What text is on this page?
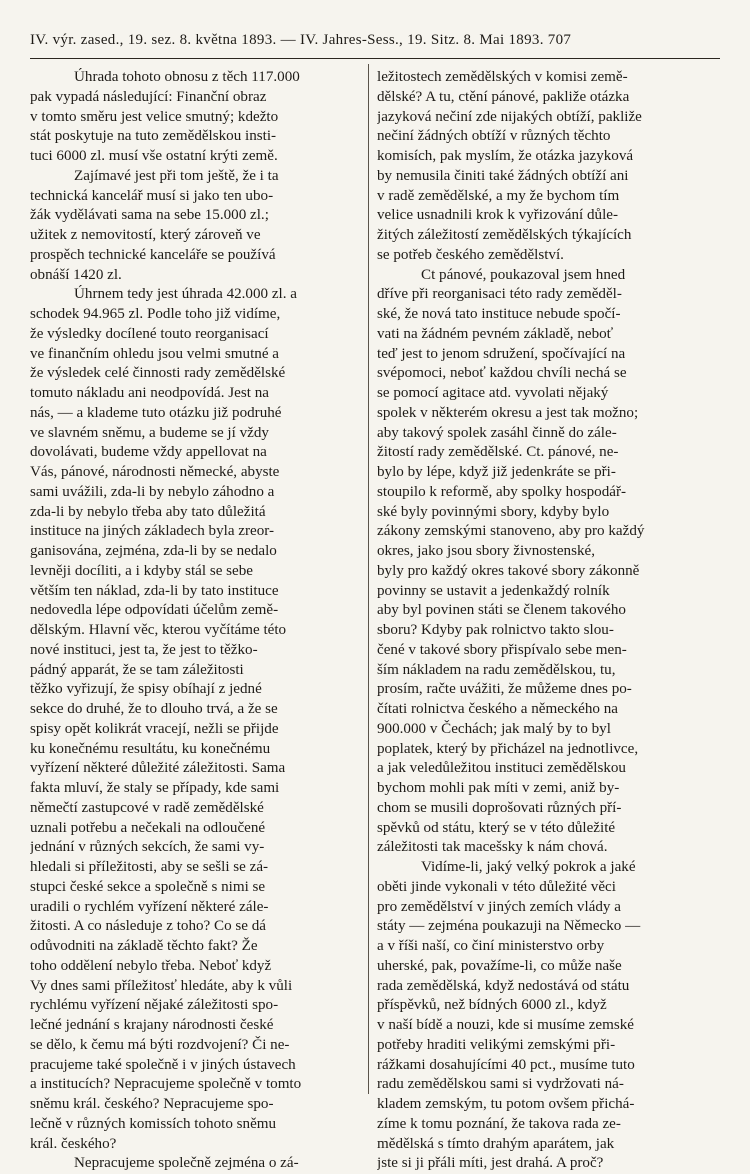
IV. výr. zased., 19. sez. 8. května 1893. — IV. Jahres-Sess., 19. Sitz. 8. Mai 1893. 707
Úhrada tohoto obnosu z těch 117.000
pak vypadá následující: Finanční obraz
v tomto směru jest velice smutný; kdežto
stát poskytuje na tuto zemědělskou insti-
tuci 6000 zl. musí vše ostatní krýti země.
Zajímavé jest při tom ještě, že i ta
technická kancelář musí si jako ten ubo-
žák vydělávati sama na sebe 15.000 zl.;
užitek z nemovitostí, který zároveň ve
prospěch technické kanceláře se používá
obnáší 1420 zl.
Úhrnem tedy jest úhrada 42.000 zl. a
schodek 94.965 zl. Podle toho již vidíme,
že výsledky docílené touto reorganisací
ve finančním ohledu jsou velmi smutné a
že výsledek celé činnosti rady zemědělské
tomuto nákladu ani neodpovídá. Jest na
nás, — a klademe tuto otázku již podruhé
ve slavném sněmu, a budeme se jí vždy
dovolávati, budeme vždy appellovat na
Vás, pánové, národnosti německé, abyste
sami uvážili, zda-li by nebylo záhodno a
zda-li by nebylo třeba aby tato důležitá
instituce na jiných základech byla zreor-
ganisována, zejména, zda-li by se nedalo
levněji docíliti, a i kdyby stál se sebe
větším ten náklad, zda-li by tato instituce
nedovedla lépe odpovídati účelům země-
dělským. Hlavní věc, kterou vyčítáme této
nové instituci, jest ta, že jest to těžko-
pádný apparát, že se tam záležitosti
těžko vyřizují, že spisy obíhají z jedné
sekce do druhé, že to dlouho trvá, a že se
spisy opět kolikrát vracejí, nežli se přijde
ku konečnému resultátu, ku konečnému
vyřízení některé důležité záležitosti. Sama
fakta mluví, že staly se případy, kde sami
němečtí zastupcové v radě zemědělské
uznali potřebu a nečekali na odloučené
jednání v různých sekcích, že sami vy-
hledali si příležitosti, aby se sešli se zá-
stupci české sekce a společně s nimi se
uradili o rychlém vyřízení některé zále-
žitosti. A co následuje z toho? Co se dá
odůvodniti na základě těchto fakt? Že
toho oddělení nebylo třeba. Neboť když
Vy dnes sami příležitosť hledáte, aby k vůli
rychlému vyřízení nějaké záležitosti spo-
lečné jednání s krajany národnosti české
se dělo, k čemu má býti rozdvojení? Či ne-
pracujeme také společně i v jiných ústavech
a institucích? Nepracujeme společně v tomto
sněmu král. českého? Nepracujeme spo-
lečně v různých komissích tohoto sněmu
král. českého?
Nepracujeme společně zejména o zá-
ležitostech zemědělských v komisi země-
dělské? A tu, ctění pánové, pakliže otázka
jazyková nečiní zde nijakých obtíží, pakliže
nečiní žádných obtíží v různých těchto
komisích, pak myslím, že otázka jazyková
by nemusila činiti také žádných obtíží ani
v radě zemědělské, a my že bychom tím
velice usnadnili krok k vyřizování důle-
žitých záležitostí zemědělských týkajících
se potřeb českého zemědělství.
Ct pánové, poukazoval jsem hned
dříve při reorganisaci této rady zeměděl-
ské, že nová tato instituce nebude spočí-
vati na žádném pevném základě, neboť
teď jest to jenom sdružení, spočívající na
svépomoci, neboť každou chvíli nechá se
se pomocí agitace atd. vyvolati nějaký
spolek v některém okresu a jest tak možno;
aby takový spolek zasáhl činně do zále-
žitostí rady zemědělské. Ct. pánové, ne-
bylo by lépe, když již jedenkráte se při-
stoupilo k reformě, aby spolky hospodář-
ské byly povinnými sbory, kdyby bylo
zákony zemskými stanoveno, aby pro každý
okres, jako jsou sbory živnostenské,
byly pro každý okres takové sbory zákonně
povinny se ustavit a jedenkaždý rolník
aby byl povinen státi se členem takového
sboru? Kdyby pak rolnictvo takto slou-
čené v takové sbory přispívalo sebe men-
ším nákladem na radu zemědělskou, tu,
prosím, račte uvážiti, že můžeme dnes po-
čítati rolnictva českého a německého na
900.000 v Čechách; jak malý by to byl
poplatek, který by přicházel na jednotlivce,
a jak veledůležitou instituci zemědělskou
bychom mohli pak míti v zemi, aniž by-
chom se musili doprošovati různých pří-
spěvků od státu, který se v této důležité
záležitosti tak macešsky k nám chová.
Vidíme-li, jaký velký pokrok a jaké
oběti jinde vykonali v této důležité věci
pro zemědělství v jiných zemích vlády a
státy — zejména poukazuji na Německo —
a v říši naší, co činí ministerstvo orby
uherské, pak, považíme-li, co může naše
rada zemědělská, když nedostává od státu
příspěvků, než bídných 6000 zl., když
v naší bídě a nouzi, kde si musíme zemské
potřeby hraditi velikými zemskými při-
rážkami dosahujícími 40 pct., musíme tuto
radu zemědělskou sami si vydržovati ná-
kladem zemským, tu potom ovšem přichá-
zíme k tomu poznání, že takova rada ze-
mědělská s tímto drahým aparátem, jak
jste si ji přáli míti, jest drahá. A proč?
